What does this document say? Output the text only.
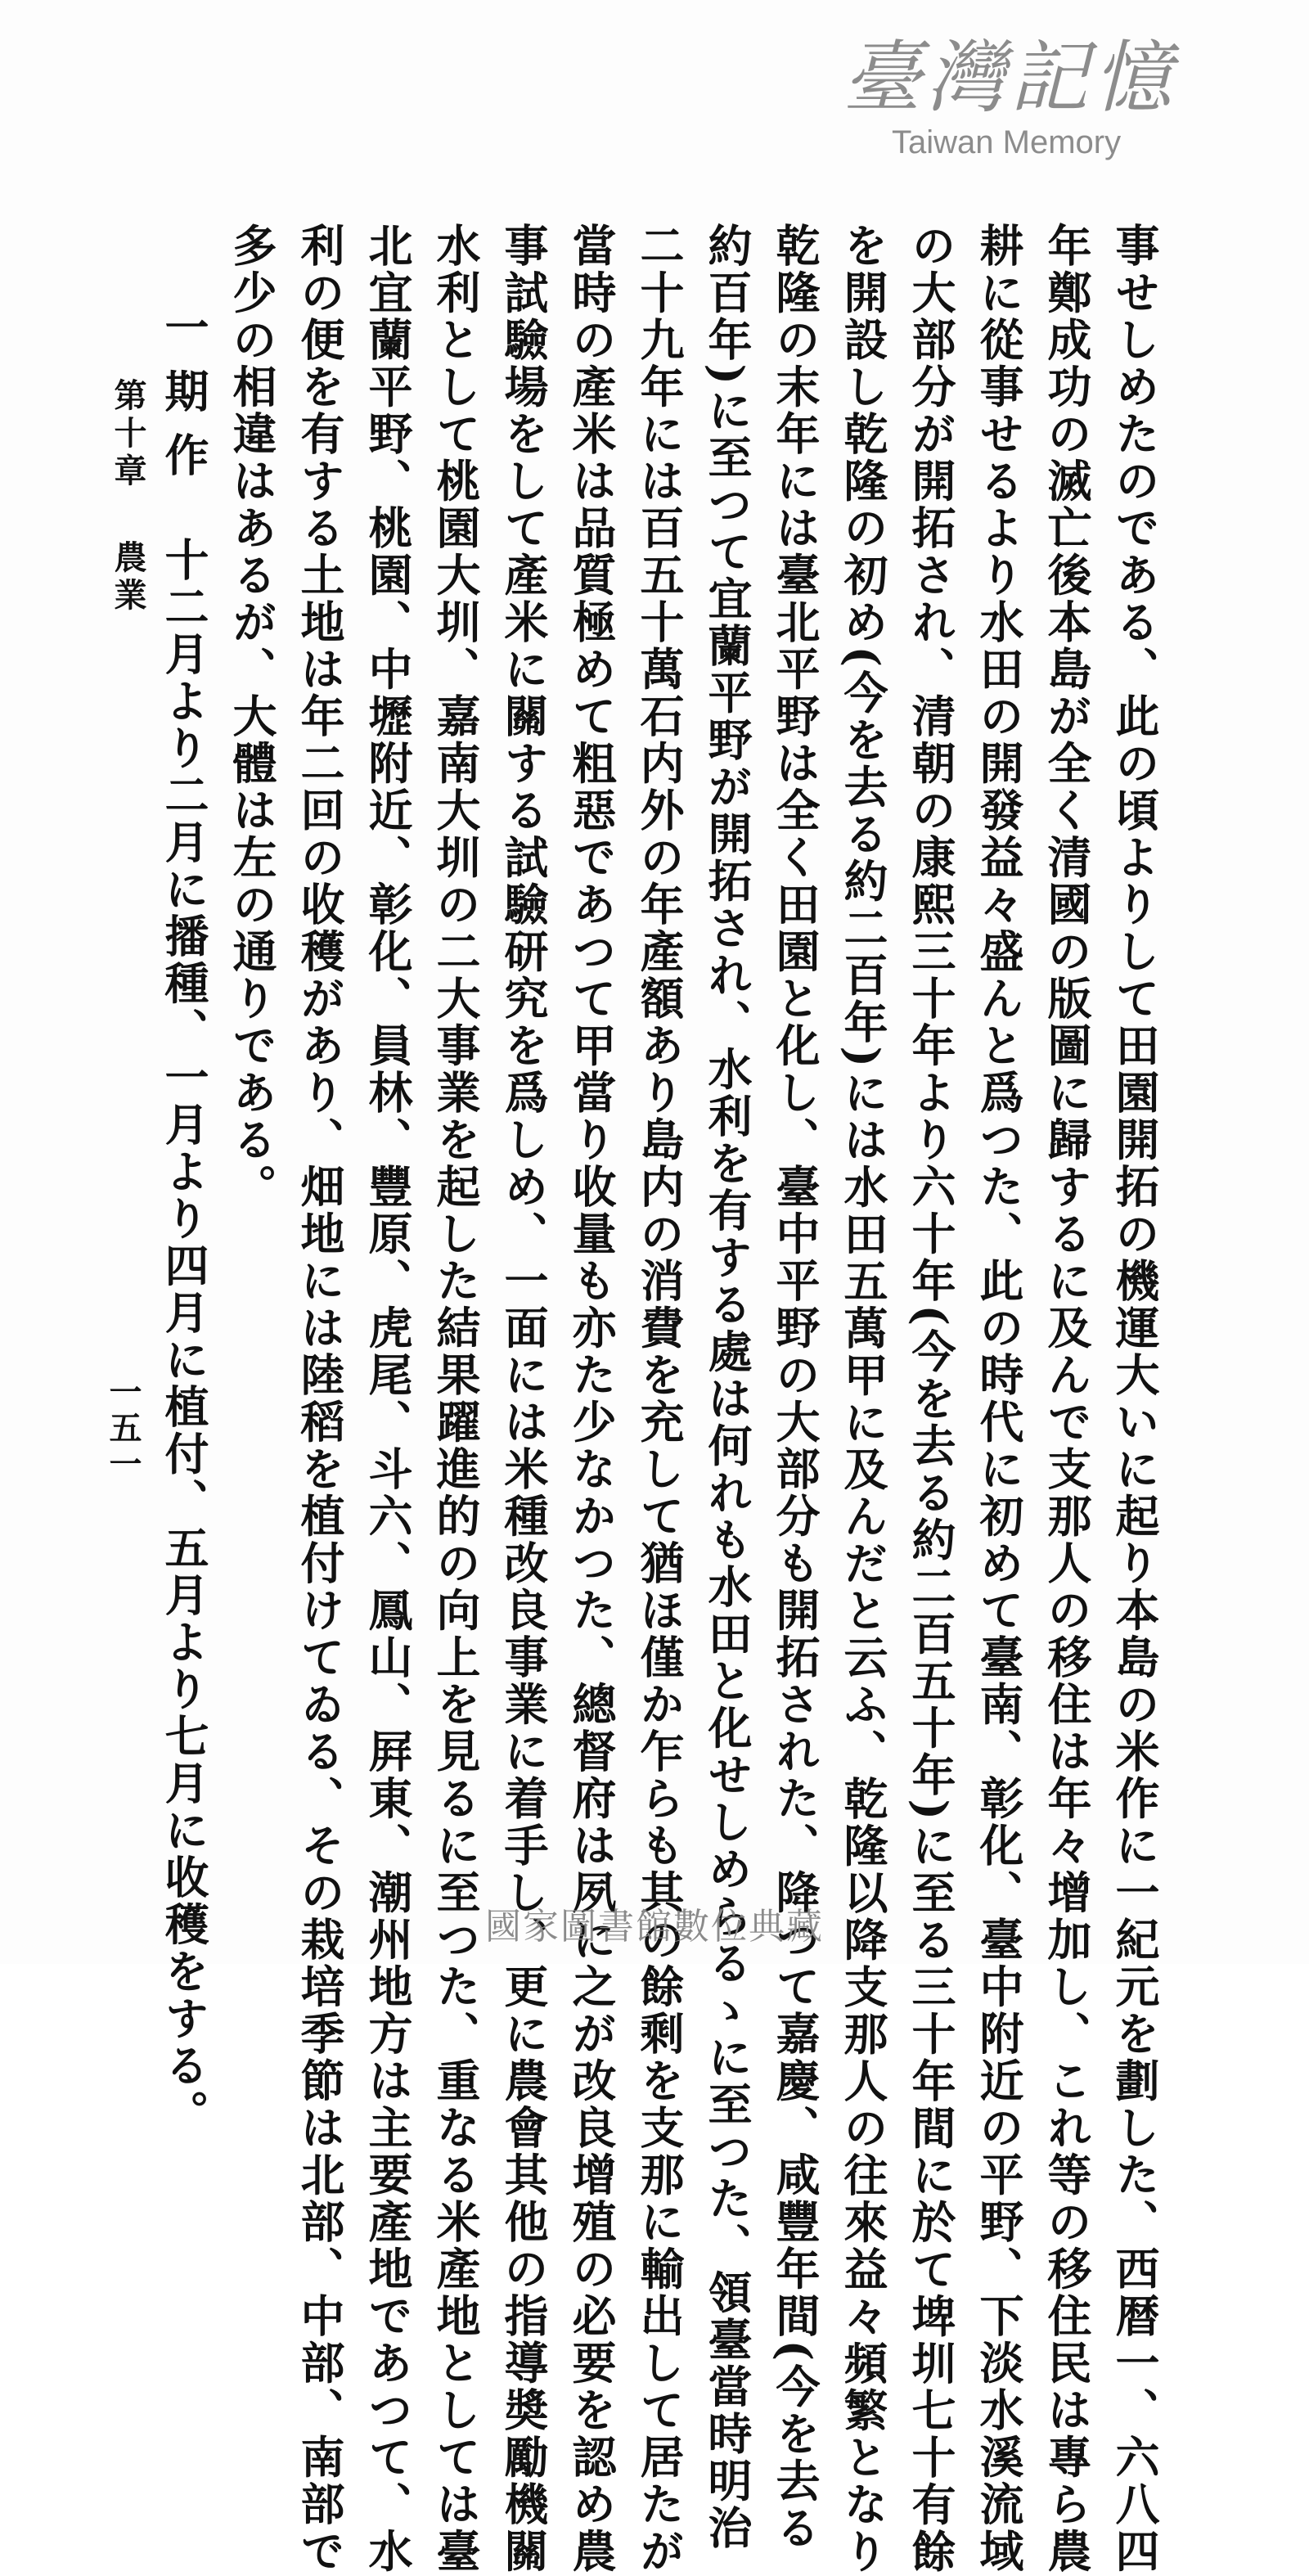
事せしめたのである、此の頃よりして田園開拓の機運大いに起り本島の米作に一紀元を劃した、西暦一、六八四
年鄭成功の滅亡後本島が全く清國の版圖に歸するに及んで支那人の移住は年々增加し、これ等の移住民は專ら農
耕に從事せるより水田の開發益々盛んと爲つた、此の時代に初めて臺南、彰化、臺中附近の平野、下淡水溪流域
の大部分が開拓され、清朝の康熙三十年より六十年(今を去る約二百五十年)に至る三十年間に於て埤圳七十有餘
を開設し乾隆の初め(今を去る約二百年)には水田五萬甲に及んだと云ふ、乾隆以降支那人の往來益々頻繁となり
乾隆の末年には臺北平野は全く田園と化し、臺中平野の大部分も開拓された、降つて嘉慶、咸豐年間(今を去る
約百年)に至つて宜蘭平野が開拓され、水利を有する處は何れも水田と化せしめらるゝに至つた、領臺當時明治
二十九年には百五十萬石内外の年產額あり島内の消費を充して猶ほ僅か乍らも其の餘剩を支那に輸出して居たが
當時の產米は品質極めて粗惡であつて甲當り收量も亦た少なかつた、總督府は夙に之が改良增殖の必要を認め農
事試驗場をして產米に關する試驗研究を爲しめ、一面には米種改良事業に着手し、更に農會其他の指導奬勵機關
水利として桃園大圳、嘉南大圳の二大事業を起した結果躍進的の向上を見るに至つた、重なる米產地としては臺
北宜蘭平野、桃園、中壢附近、彰化、員林、豐原、虎尾、斗六、鳳山、屛東、潮州地方は主要產地であつて、水
利の便を有する土地は年二回の收穫があり、畑地には陸稻を植付けてゐる、その栽培季節は北部、中部、南部で
多少の相違はあるが、大體は左の通りである。
一期作十二月より二月に播種、一月より四月に植付、五月より七月に收穫をする。
第十章農業
一五一
臺灣記憶
Taiwan Memory
國家圖書館數位典藏
